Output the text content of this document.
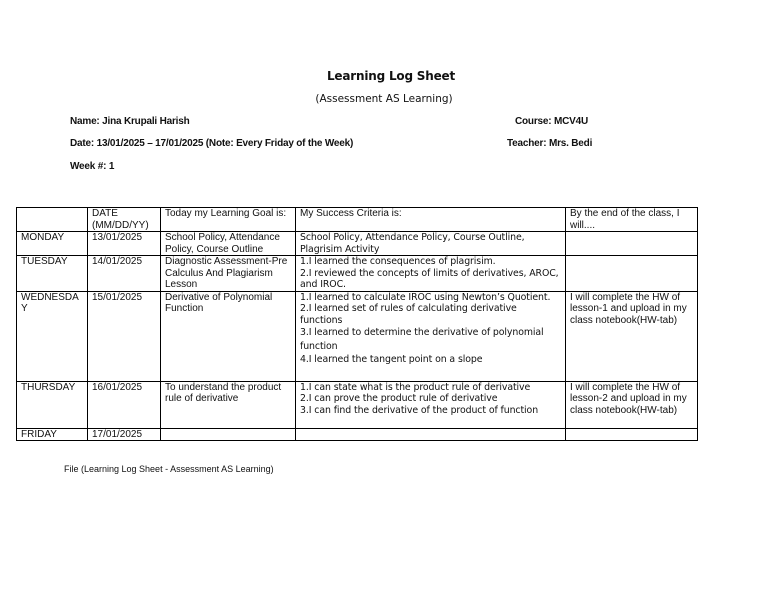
Learning Log Sheet
(Assessment AS Learning)
Name: Jina Krupali Harish	Course: MCV4U
Date: 13/01/2025 – 17/01/2025 (Note: Every Friday of the Week)	Teacher: Mrs. Bedi
Week #: 1
	DATE (MM/DD/YY)	Today my Learning Goal is:	My Success Criteria is:	By the end of the class, I will....
MONDAY	13/01/2025	School Policy, Attendance Policy, Course Outline	School Policy, Attendance Policy, Course Outline, Plagrisim Activity	

TUESDAY	14/01/2025	Diagnostic Assessment-Pre Calculus And Plagiarism Lesson	1.I learned the consequences of plagrisim.
2.I reviewed the concepts of limits of derivatives, AROC, and IROC.	

WEDNESDAY	15/01/2025	Derivative of Polynomial Function	1.I learned to calculate IROC using Newton’s Quotient.
2.I learned set of rules of calculating derivative functions
3.I learned to determine the derivative of polynomial function
4.I learned the tangent point on a slope	I will complete the HW of lesson-1 and upload in my class notebook(HW-tab)
THURSDAY	16/01/2025	To understand the product rule of derivative	1.I can state what is the product rule of derivative
2.I can prove the product rule of derivative
3.I can find the derivative of the product of function	I will complete the HW of lesson-2 and upload in my class notebook(HW-tab)
FRIDAY	17/01/2025			
File (Learning Log Sheet - Assessment AS Learning)
